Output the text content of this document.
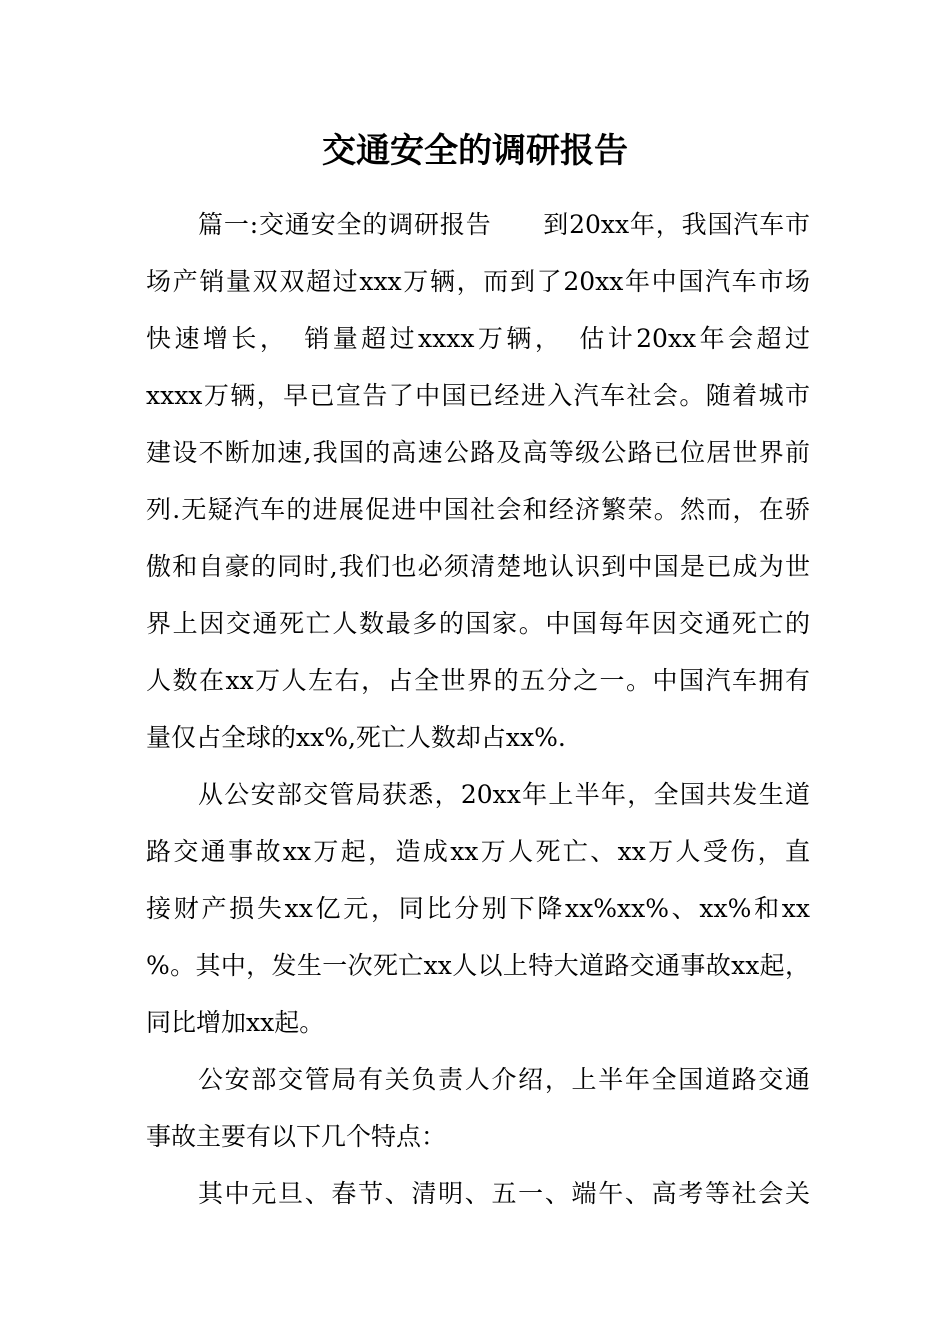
交通安全的调研报告
篇一:交通安全的调研报告　　到20xx年，我国汽车市
场产销量双双超过xxx万辆，而到了20xx年中国汽车市场
快速增长，　销量超过xxxx万辆，　估计20xx年会超过
xxxx万辆，早已宣告了中国已经进入汽车社会。随着城市
建设不断加速,我国的高速公路及高等级公路已位居世界前
列.无疑汽车的进展促进中国社会和经济繁荣。然而，在骄
傲和自豪的同时,我们也必须清楚地认识到中国是已成为世
界上因交通死亡人数最多的国家。中国每年因交通死亡的
人数在xx万人左右，占全世界的五分之一。中国汽车拥有
量仅占全球的xx%,死亡人数却占xx%.
从公安部交管局获悉，20xx年上半年，全国共发生道
路交通事故xx万起，造成xx万人死亡、xx万人受伤，直
接财产损失xx亿元，同比分别下降xx%xx%、xx%和xx
%。其中，发生一次死亡xx人以上特大道路交通事故xx起，
同比增加xx起。
公安部交管局有关负责人介绍，上半年全国道路交通
事故主要有以下几个特点：
其中元旦、春节、清明、五一、端午、高考等社会关
